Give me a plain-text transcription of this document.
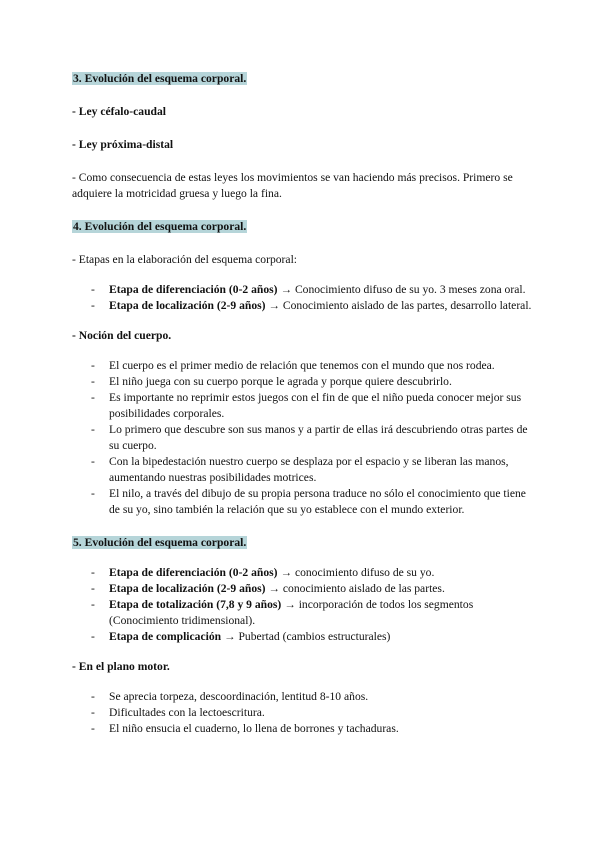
3. Evolución del esquema corporal.

- Ley céfalo-caudal

- Ley próxima-distal

- Como consecuencia de estas leyes los movimientos se van haciendo más precisos. Primero se adquiere la motricidad gruesa y luego la fina.

4. Evolución del esquema corporal.

- Etapas en la elaboración del esquema corporal:

- Etapa de diferenciación (0-2 años) → Conocimiento difuso de su yo. 3 meses zona oral.
- Etapa de localización (2-9 años) → Conocimiento aislado de las partes, desarrollo lateral.

- Noción del cuerpo.

- El cuerpo es el primer medio de relación que tenemos con el mundo que nos rodea.
- El niño juega con su cuerpo porque le agrada y porque quiere descubrirlo.
- Es importante no reprimir estos juegos con el fin de que el niño pueda conocer mejor sus posibilidades corporales.
- Lo primero que descubre son sus manos y a partir de ellas irá descubriendo otras partes de su cuerpo.
- Con la bipedestación nuestro cuerpo se desplaza por el espacio y se liberan las manos, aumentando nuestras posibilidades motrices.
- El nilo, a través del dibujo de su propia persona traduce no sólo el conocimiento que tiene de su yo, sino también la relación que su yo establece con el mundo exterior.

5. Evolución del esquema corporal.

- Etapa de diferenciación (0-2 años) → conocimiento difuso de su yo.
- Etapa de localización (2-9 años) → conocimiento aislado de las partes.
- Etapa de totalización (7,8 y 9 años) → incorporación de todos los segmentos (Conocimiento tridimensional).
- Etapa de complicación → Pubertad (cambios estructurales)

- En el plano motor.

- Se aprecia torpeza, descoordinación, lentitud 8-10 años.
- Dificultades con la lectoescritura.
- El niño ensucia el cuaderno, lo llena de borrones y tachaduras.
